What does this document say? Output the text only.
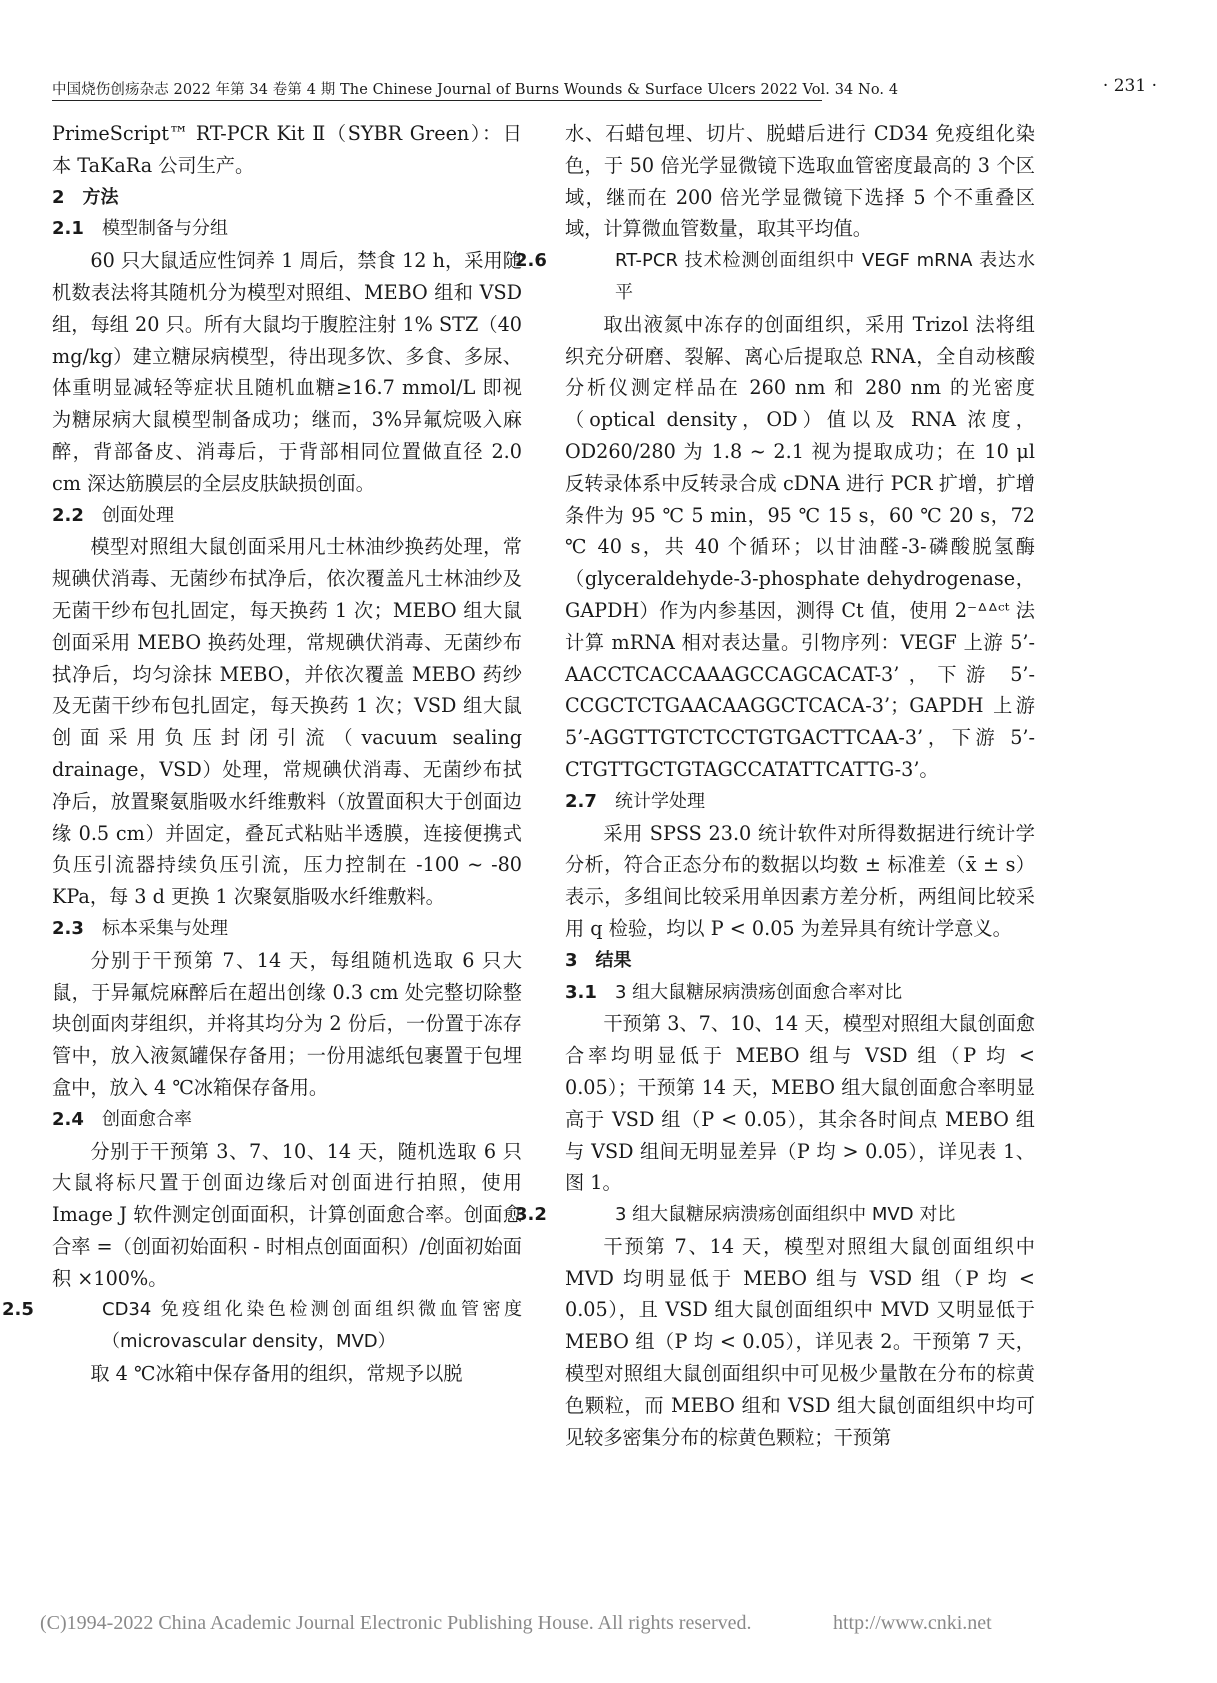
中国烧伤创疡杂志 2022 年第 34 卷第 4 期 The Chinese Journal of Burns Wounds & Surface Ulcers 2022 Vol. 34 No. 4	· 231 ·

PrimeScript™ RT-PCR Kit Ⅱ（SYBR Green）：日本 TaKaRa 公司生产。

2　方法

2.1 模型制备与分组

60 只大鼠适应性饲养 1 周后，禁食 12 h，采用随机数表法将其随机分为模型对照组、MEBO 组和 VSD 组，每组 20 只。所有大鼠均于腹腔注射 1% STZ（40 mg/kg）建立糖尿病模型，待出现多饮、多食、多尿、体重明显减轻等症状且随机血糖≥16.7 mmol/L 即视为糖尿病大鼠模型制备成功；继而，3%异氟烷吸入麻醉，背部备皮、消毒后，于背部相同位置做直径 2.0 cm 深达筋膜层的全层皮肤缺损创面。

2.2 创面处理

模型对照组大鼠创面采用凡士林油纱换药处理，常规碘伏消毒、无菌纱布拭净后，依次覆盖凡士林油纱及无菌干纱布包扎固定，每天换药 1 次；MEBO 组大鼠创面采用 MEBO 换药处理，常规碘伏消毒、无菌纱布拭净后，均匀涂抹 MEBO，并依次覆盖 MEBO 药纱及无菌干纱布包扎固定，每天换药 1 次；VSD 组大鼠创面采用负压封闭引流（vacuum sealing drainage，VSD）处理，常规碘伏消毒、无菌纱布拭净后，放置聚氨脂吸水纤维敷料（放置面积大于创面边缘 0.5 cm）并固定，叠瓦式粘贴半透膜，连接便携式负压引流器持续负压引流，压力控制在 -100 ~ -80 KPa，每 3 d 更换 1 次聚氨脂吸水纤维敷料。

2.3 标本采集与处理

分别于干预第 7、14 天，每组随机选取 6 只大鼠，于异氟烷麻醉后在超出创缘 0.3 cm 处完整切除整块创面肉芽组织，并将其均分为 2 份后，一份置于冻存管中，放入液氮罐保存备用；一份用滤纸包裹置于包埋盒中，放入 4 ℃冰箱保存备用。

2.4 创面愈合率

分别于干预第 3、7、10、14 天，随机选取 6 只大鼠将标尺置于创面边缘后对创面进行拍照，使用 Image J 软件测定创面面积，计算创面愈合率。创面愈合率 =（创面初始面积 - 时相点创面面积）/创面初始面积 ×100%。

2.5	CD34 免疫组化染色检测创面组织微血管密度（microvascular density，MVD）

取 4 ℃冰箱中保存备用的组织，常规予以脱

水、石蜡包埋、切片、脱蜡后进行 CD34 免疫组化染色，于 50 倍光学显微镜下选取血管密度最高的 3 个区域，继而在 200 倍光学显微镜下选择 5 个不重叠区域，计算微血管数量，取其平均值。

2.6	RT-PCR 技术检测创面组织中 VEGF mRNA 表达水平

取出液氮中冻存的创面组织，采用 Trizol 法将组织充分研磨、裂解、离心后提取总 RNA，全自动核酸分析仪测定样品在 260 nm 和 280 nm 的光密度（optical density，OD）值以及 RNA 浓度，OD260/280 为 1.8 ~ 2.1 视为提取成功；在 10 μl 反转录体系中反转录合成 cDNA 进行 PCR 扩增，扩增条件为 95 ℃ 5 min，95 ℃ 15 s，60 ℃ 20 s，72 ℃ 40 s，共 40 个循环；以甘油醛-3-磷酸脱氢酶（glyceraldehyde-3-phosphate dehydrogenase，GAPDH）作为内参基因，测得 Ct 值，使用 2⁻ᐞᐞᶜᵗ 法计算 mRNA 相对表达量。引物序列：VEGF 上游 5’-AACCTCACCAAAGCCAGCACAT-3’，下游 5’-CCGCTCTGAACAAGGCTCACA-3’；GAPDH 上游 5’-AGGTTGTCTCCTGTGACTTCAA-3’，下游 5’-CTGTTGCTGTAGCCATATTCATTG-3’。

2.7 统计学处理

采用 SPSS 23.0 统计软件对所得数据进行统计学分析，符合正态分布的数据以均数 ± 标准差（x̄ ± s）表示，多组间比较采用单因素方差分析，两组间比较采用 q 检验，均以 P < 0.05 为差异具有统计学意义。

3　结果

3.1 3 组大鼠糖尿病溃疡创面愈合率对比

干预第 3、7、10、14 天，模型对照组大鼠创面愈合率均明显低于 MEBO 组与 VSD 组（P 均 < 0.05）；干预第 14 天，MEBO 组大鼠创面愈合率明显高于 VSD 组（P < 0.05），其余各时间点 MEBO 组与 VSD 组间无明显差异（P 均 > 0.05），详见表 1、图 1。

3.2	3 组大鼠糖尿病溃疡创面组织中 MVD 对比

干预第 7、14 天，模型对照组大鼠创面组织中 MVD 均明显低于 MEBO 组与 VSD 组（P 均 < 0.05），且 VSD 组大鼠创面组织中 MVD 又明显低于 MEBO 组（P 均 < 0.05），详见表 2。干预第 7 天，模型对照组大鼠创面组织中可见极少量散在分布的棕黄色颗粒，而 MEBO 组和 VSD 组大鼠创面组织中均可见较多密集分布的棕黄色颗粒；干预第

(C)1994-2022 China Academic Journal Electronic Publishing House. All rights reserved.	http://www.cnki.net
